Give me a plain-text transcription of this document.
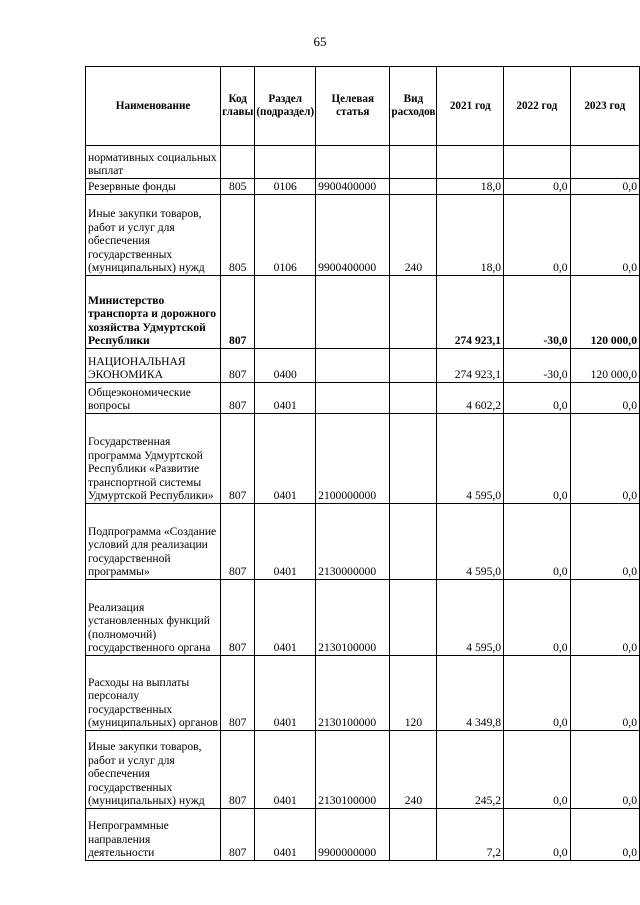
65
Наименование	Код главы	Раздел (подраздел)	Целевая статья	Вид расходов	2021 год	2022 год	2023 год
нормативных социальных выплат							
Резервные фонды	805	0106	9900400000		18,0	0,0	0,0
Иные закупки товаров, работ и услуг для обеспечения государственных (муниципальных) нужд	805	0106	9900400000	240	18,0	0,0	0,0
Министерство транспорта и дорожного хозяйства Удмуртской Республики	807				274 923,1	-30,0	120 000,0
НАЦИОНАЛЬНАЯ ЭКОНОМИКА	807	0400			274 923,1	-30,0	120 000,0
Общеэкономические вопросы	807	0401			4 602,2	0,0	0,0
Государственная программа Удмуртской Республики «Развитие транспортной системы Удмуртской Республики»	807	0401	2100000000		4 595,0	0,0	0,0
Подпрограмма «Создание условий для реализации государственной программы»	807	0401	2130000000		4 595,0	0,0	0,0
Реализация установленных функций (полномочий) государственного органа	807	0401	2130100000		4 595,0	0,0	0,0
Расходы на выплаты персоналу государственных (муниципальных) органов	807	0401	2130100000	120	4 349,8	0,0	0,0
Иные закупки товаров, работ и услуг для обеспечения государственных (муниципальных) нужд	807	0401	2130100000	240	245,2	0,0	0,0
Непрограммные направления деятельности	807	0401	9900000000		7,2	0,0	0,0
